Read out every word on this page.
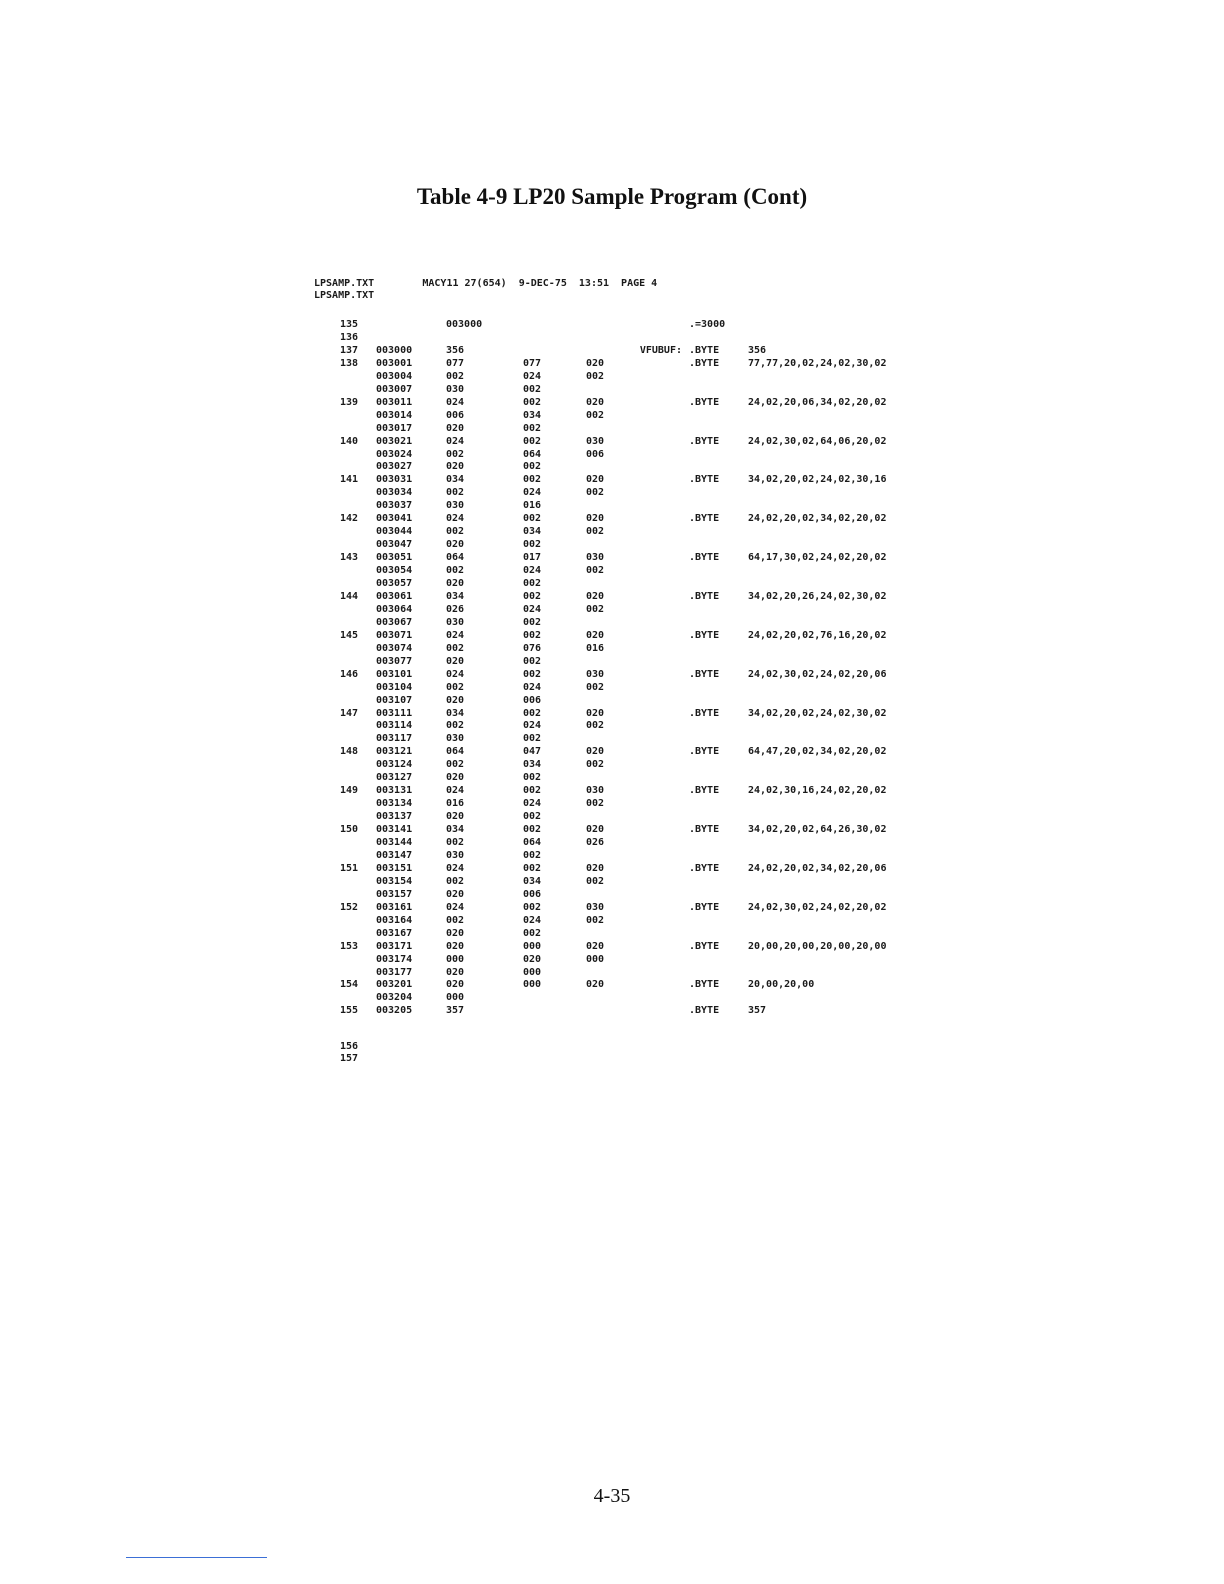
Table 4-9 LP20 Sample Program (Cont)
LPSAMP.TXT        MACY11 27(654)  9-DEC-75  13:51  PAGE 4
LPSAMP.TXT
135	003000	.=3000
136
137 003000	356	VFUBUF: .BYTE	356
138 003001	077	077	020	.BYTE	77,77,20,02,24,02,30,02
003004	002	024	002
003007	030	002
139 003011	024	002	020	.BYTE	24,02,20,06,34,02,20,02
003014	006	034	002
003017	020	002
140 003021	024	002	030	.BYTE	24,02,30,02,64,06,20,02
003024	002	064	006
003027	020	002
141 003031	034	002	020	.BYTE	34,02,20,02,24,02,30,16
003034	002	024	002
003037	030	016
142 003041	024	002	020	.BYTE	24,02,20,02,34,02,20,02
003044	002	034	002
003047	020	002
143 003051	064	017	030	.BYTE	64,17,30,02,24,02,20,02
003054	002	024	002
003057	020	002
144 003061	034	002	020	.BYTE	34,02,20,26,24,02,30,02
003064	026	024	002
003067	030	002
145 003071	024	002	020	.BYTE	24,02,20,02,76,16,20,02
003074	002	076	016
003077	020	002
146 003101	024	002	030	.BYTE	24,02,30,02,24,02,20,06
003104	002	024	002
003107	020	006
147 003111	034	002	020	.BYTE	34,02,20,02,24,02,30,02
003114	002	024	002
003117	030	002
148 003121	064	047	020	.BYTE	64,47,20,02,34,02,20,02
003124	002	034	002
003127	020	002
149 003131	024	002	030	.BYTE	24,02,30,16,24,02,20,02
003134	016	024	002
003137	020	002
150 003141	034	002	020	.BYTE	34,02,20,02,64,26,30,02
003144	002	064	026
003147	030	002
151 003151	024	002	020	.BYTE	24,02,20,02,34,02,20,06
003154	002	034	002
003157	020	006
152 003161	024	002	030	.BYTE	24,02,30,02,24,02,20,02
003164	002	024	002
003167	020	002
153 003171	020	000	020	.BYTE	20,00,20,00,20,00,20,00
003174	000	020	000
003177	020	000
154 003201	020	000	020	.BYTE	20,00,20,00
003204	000
155 003205	357	.BYTE	357
156
157
4-35
